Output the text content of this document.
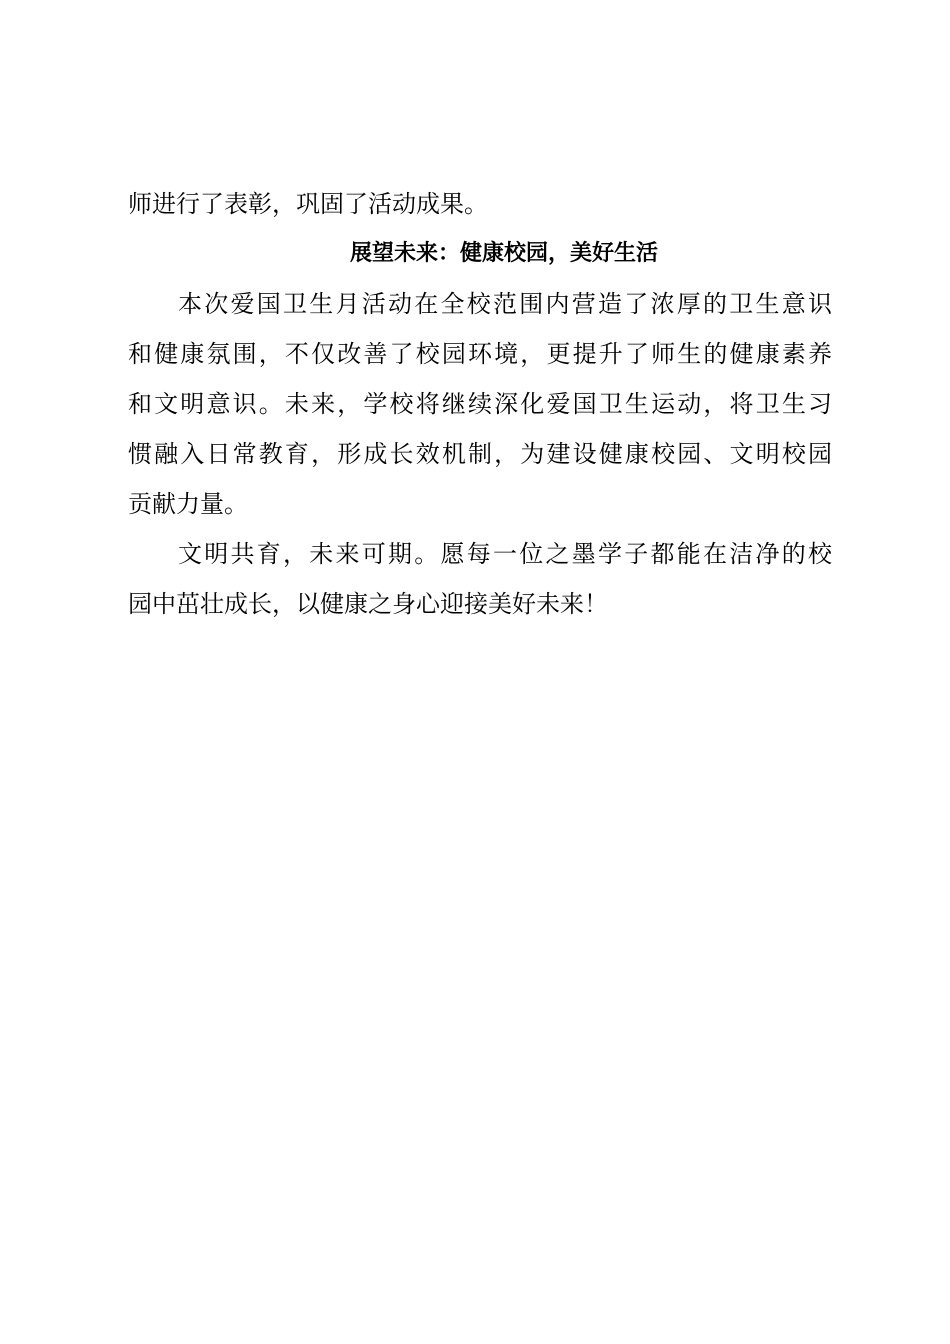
师进行了表彰，巩固了活动成果。

展望未来：健康校园，美好生活

本次爱国卫生月活动在全校范围内营造了浓厚的卫生意识

和健康氛围，不仅改善了校园环境，更提升了师生的健康素养

和文明意识。未来，学校将继续深化爱国卫生运动，将卫生习

惯融入日常教育，形成长效机制，为建设健康校园、文明校园

贡献力量。

文明共育，未来可期。愿每一位之墨学子都能在洁净的校

园中茁壮成长，以健康之身心迎接美好未来！
